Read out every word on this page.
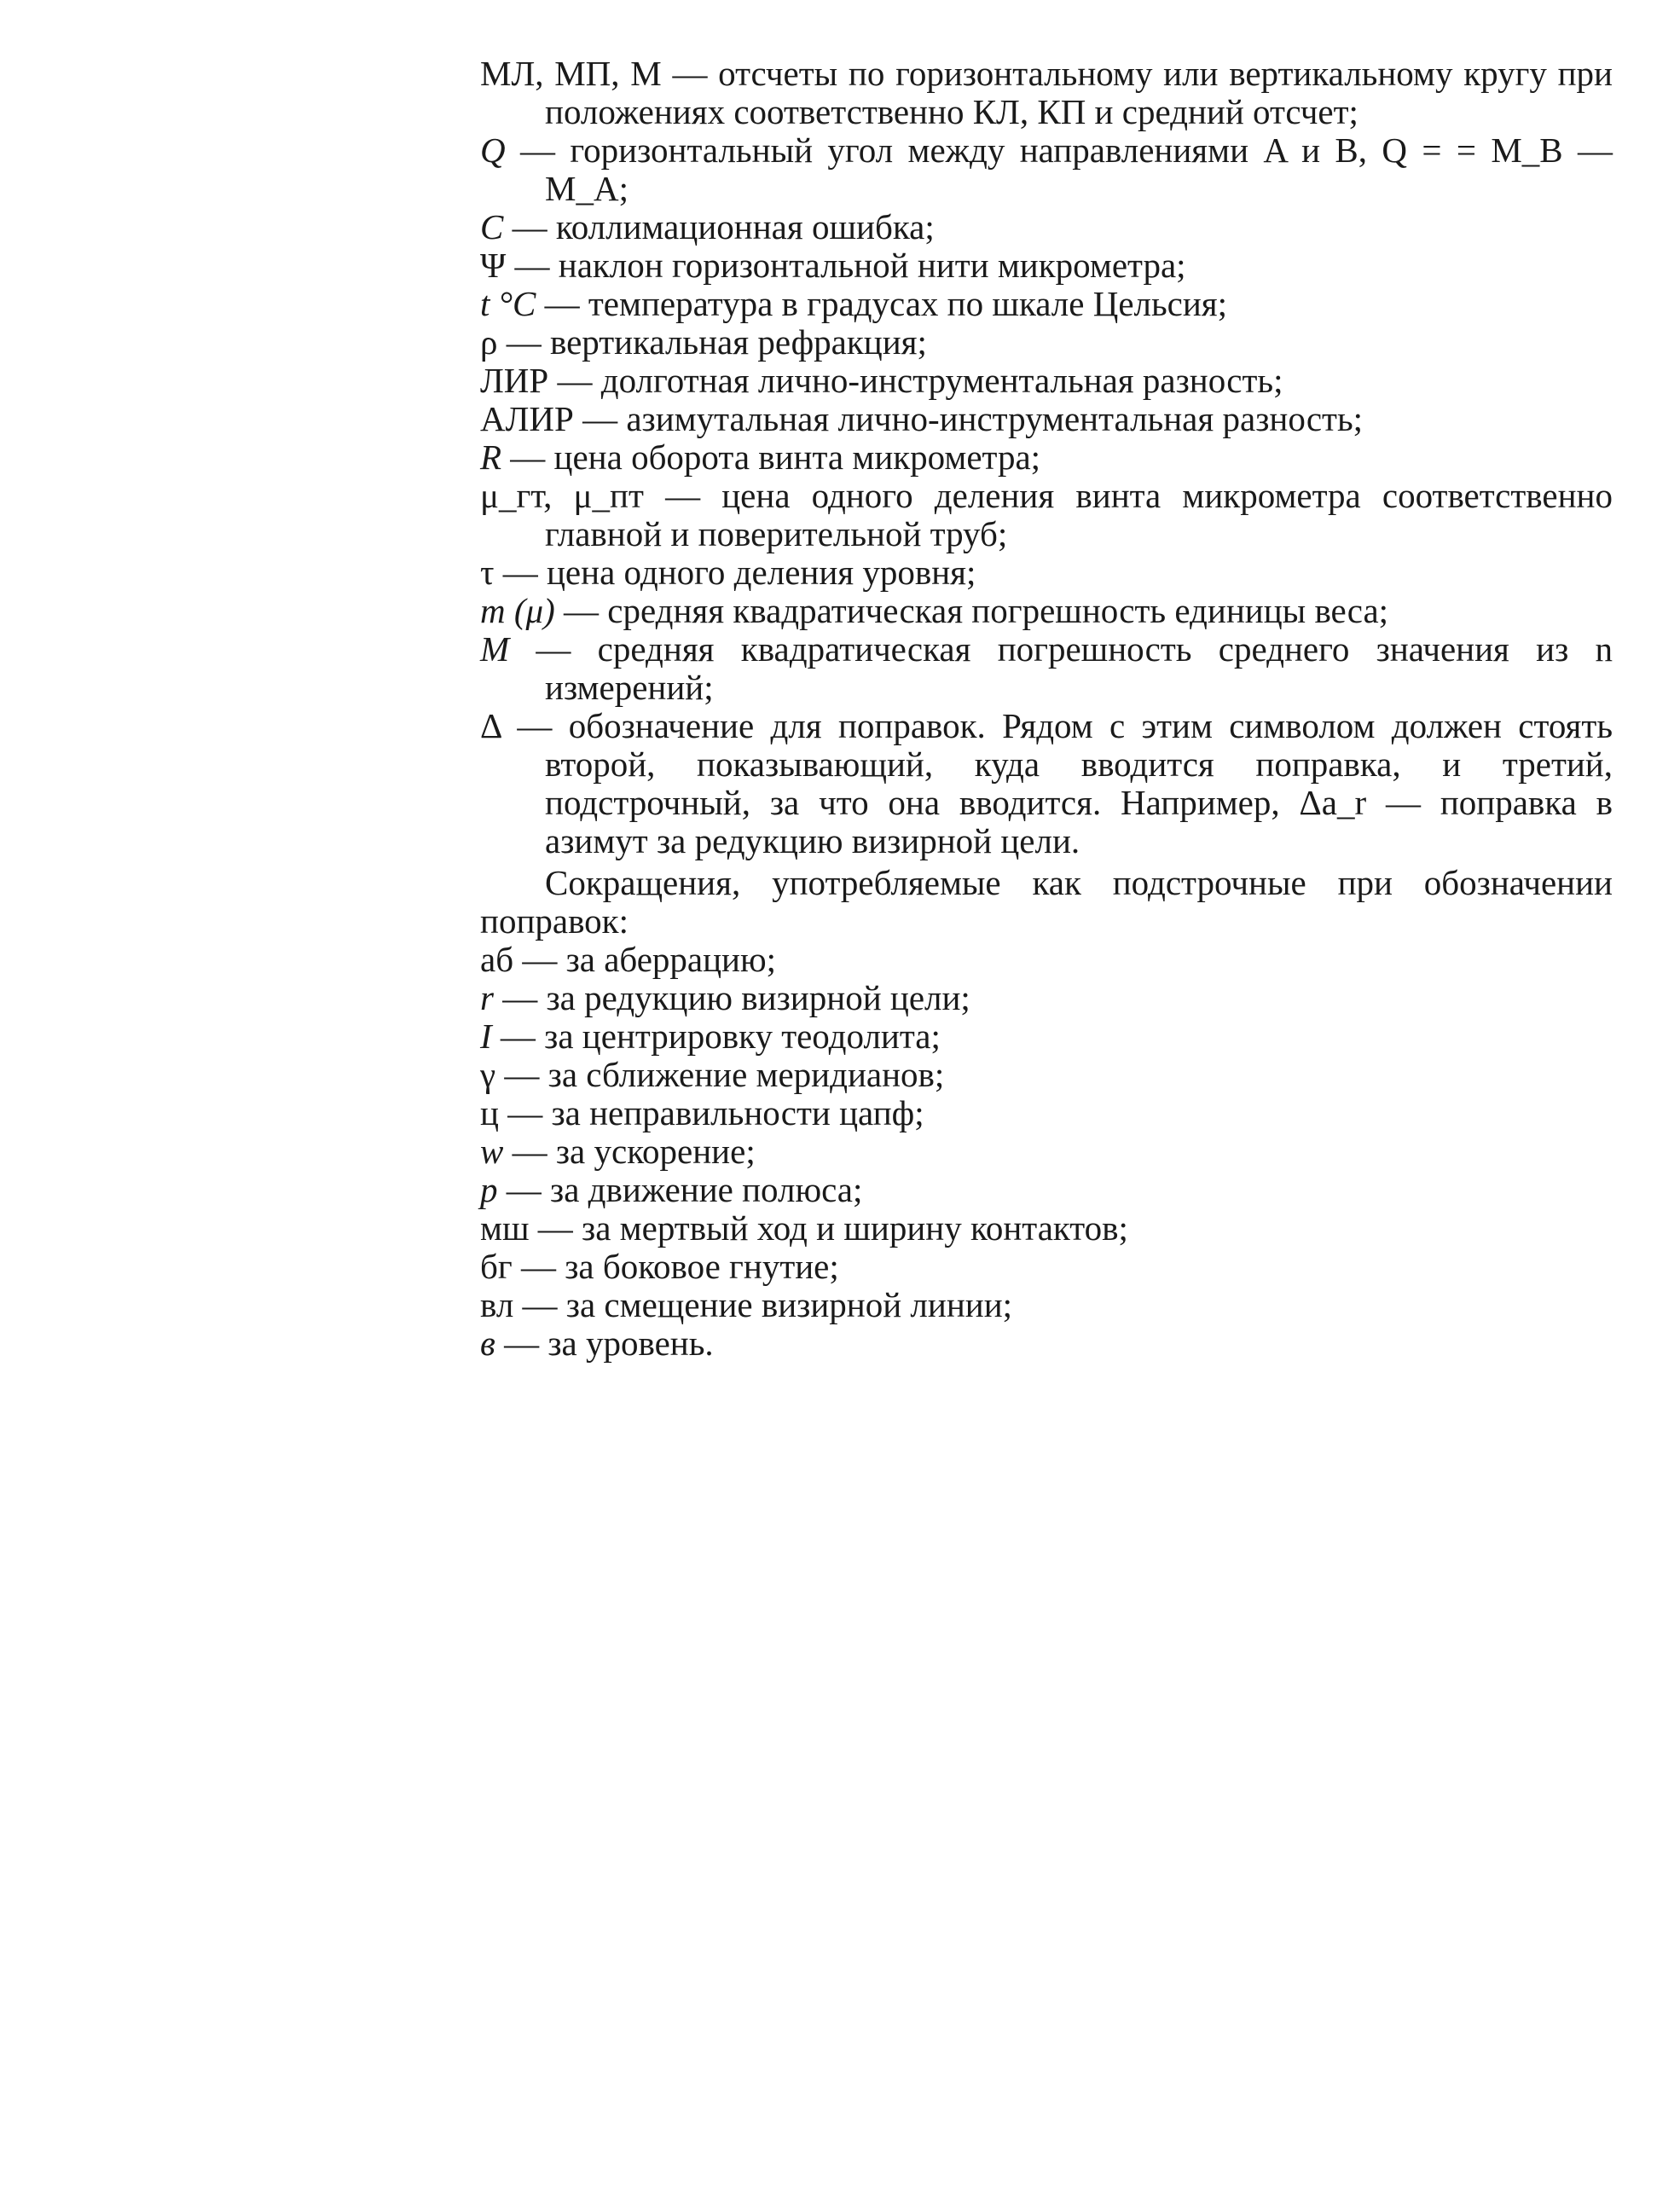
МЛ, МП, М — отсчеты по горизонтальному или вертикальному кругу при положениях соответственно КЛ, КП и средний отсчет;

Q — горизонтальный угол между направлениями A и B, Q = = M_B — M_A;

C — коллимационная ошибка;

Ψ — наклон горизонтальной нити микрометра;

t °C — температура в градусах по шкале Цельсия;

ρ — вертикальная рефракция;

ЛИР — долготная лично-инструментальная разность;

АЛИР — азимутальная лично-инструментальная разность;

R — цена оборота винта микрометра;

μ_гт, μ_пт — цена одного деления винта микрометра соответственно главной и поверительной труб;

τ — цена одного деления уровня;

m (μ) — средняя квадратическая погрешность единицы веса;

M — средняя квадратическая погрешность среднего значения из n измерений;

Δ — обозначение для поправок. Рядом с этим символом должен стоять второй, показывающий, куда вводится поправка, и третий, подстрочный, за что она вводится. Например, Δa_r — поправка в азимут за редукцию визирной цели.

Сокращения, употребляемые как подстрочные при обозначении поправок:

аб — за аберрацию;

r — за редукцию визирной цели;

I — за центрировку теодолита;

γ — за сближение меридианов;

ц — за неправильности цапф;

w — за ускорение;

p — за движение полюса;

мш — за мертвый ход и ширину контактов;

бг — за боковое гнутие;

вл — за смещение визирной линии;

в — за уровень.
